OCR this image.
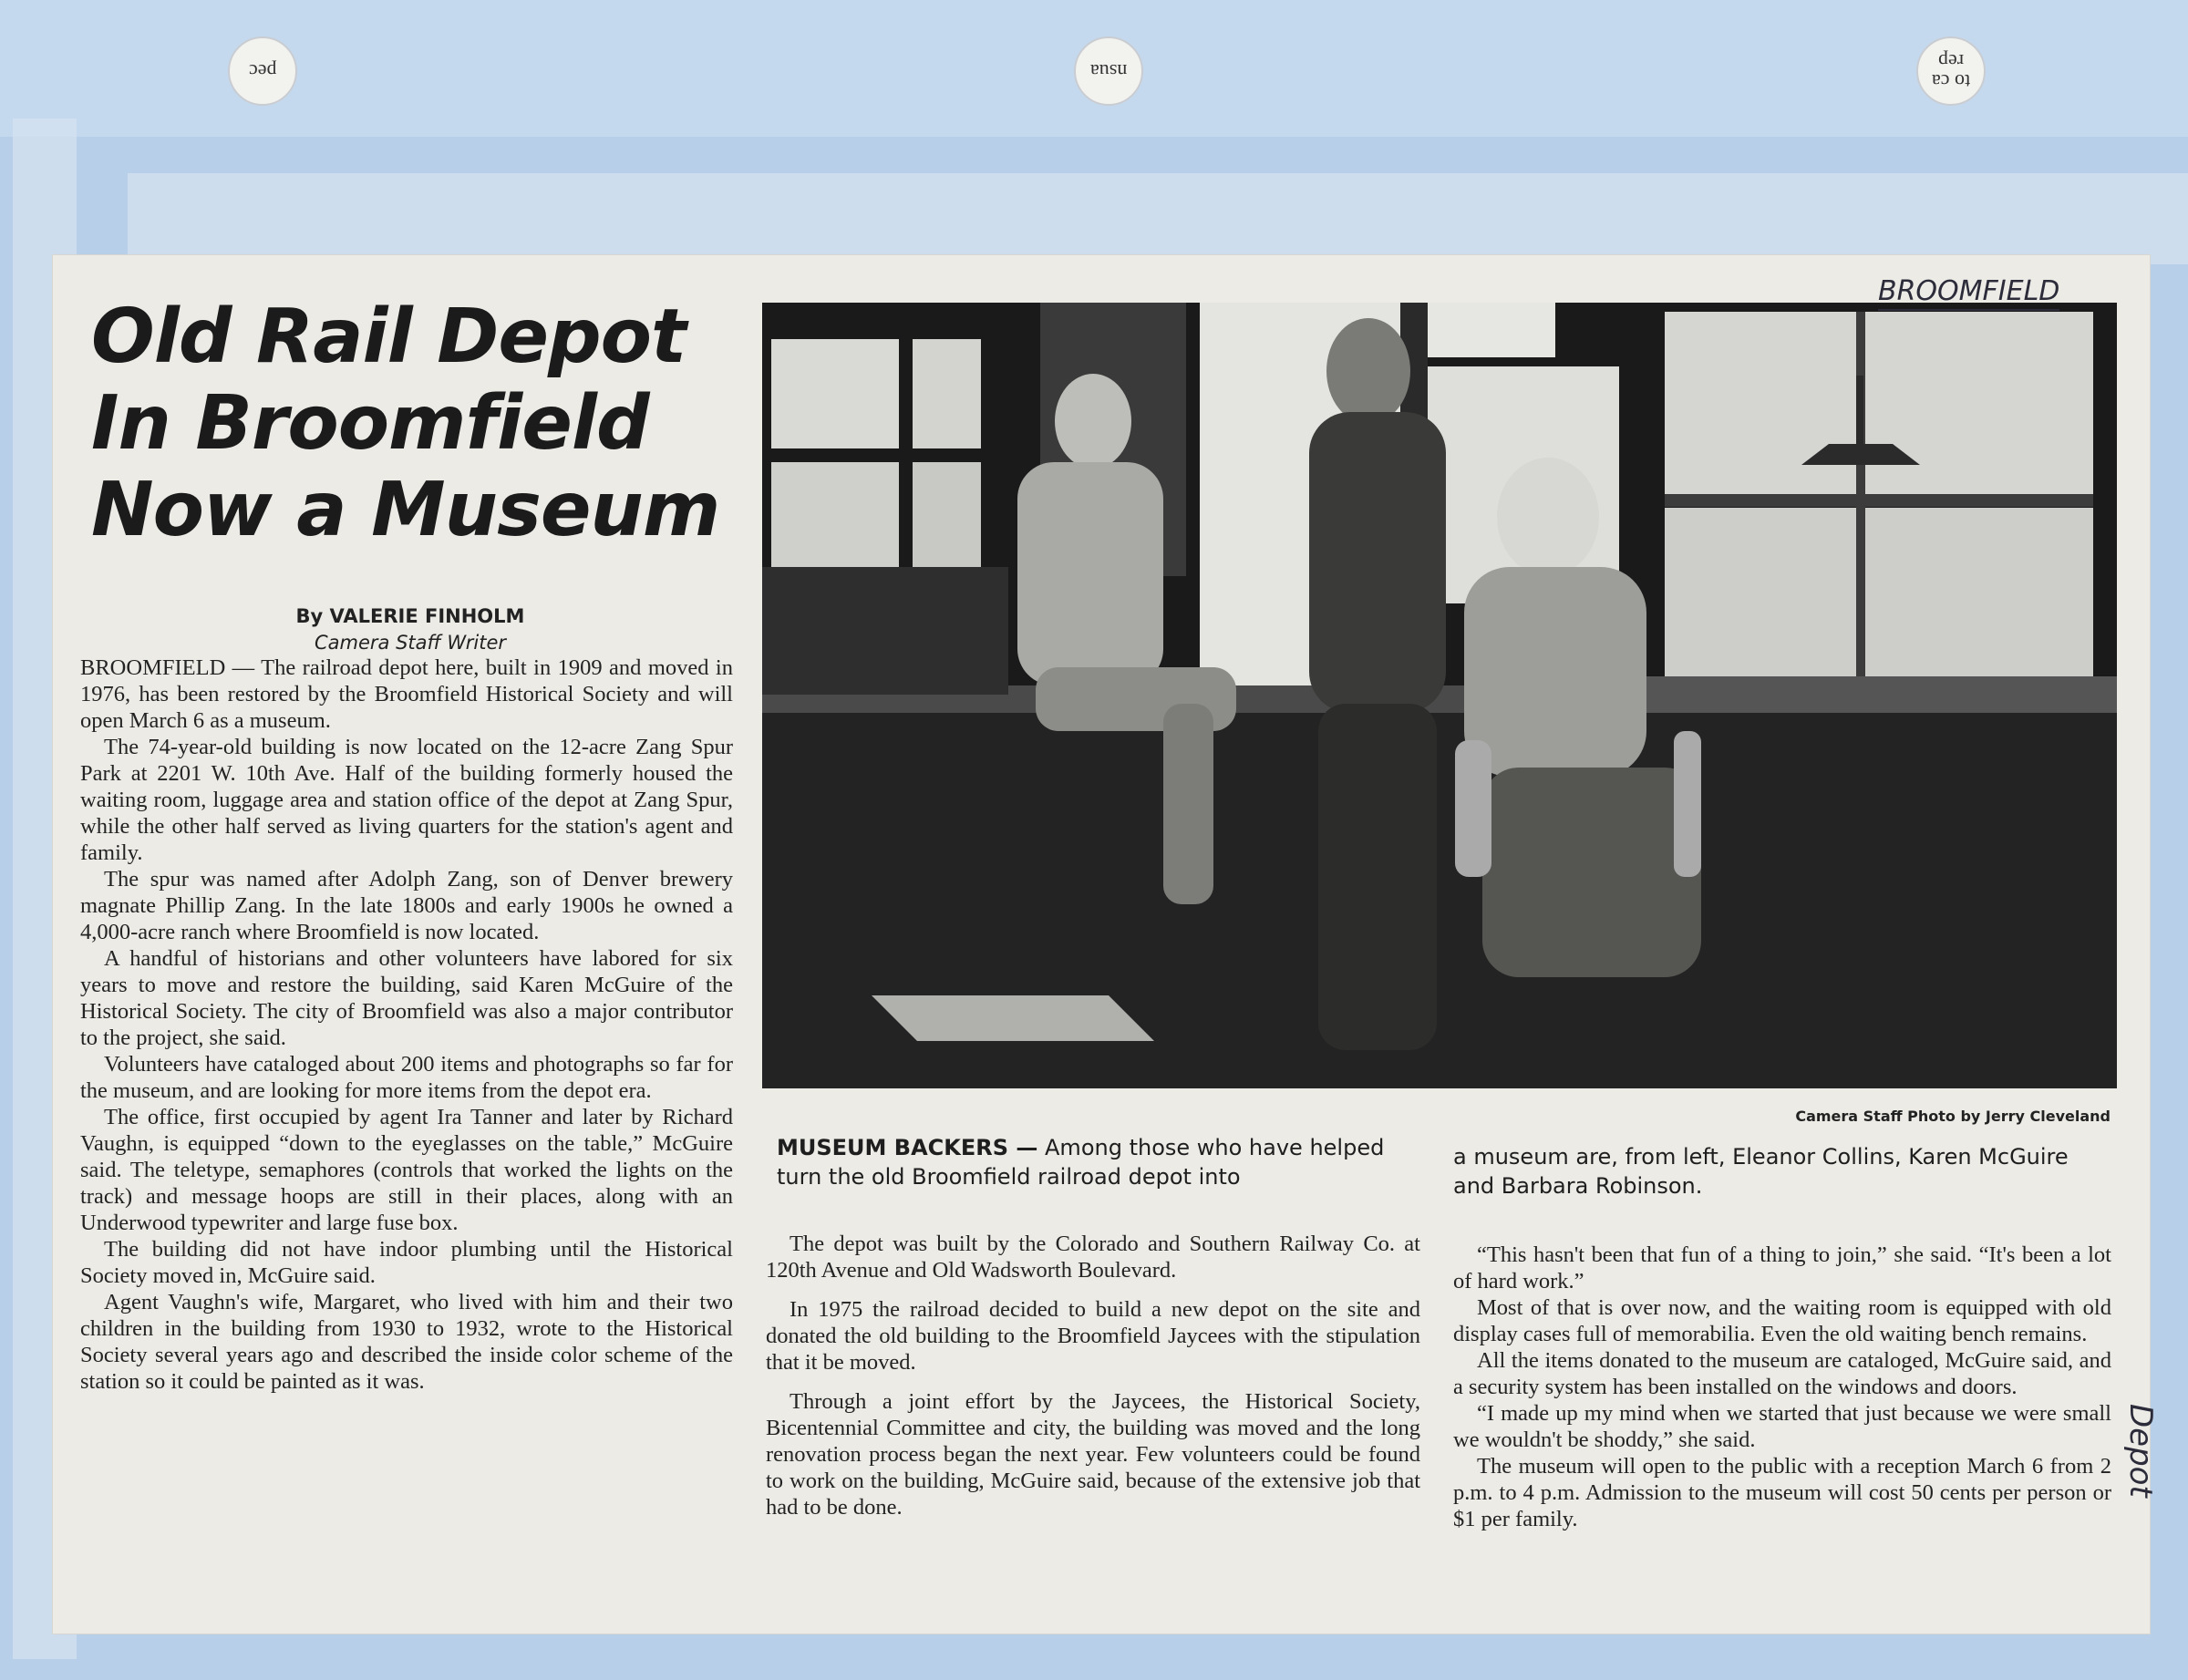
pec	nsua	to ca
rep
Old Rail Depot
In Broomfield
Now a Museum
By VALERIE FINHOLM
Camera Staff Writer

BROOMFIELD — The railroad depot here, built in 1909 and moved in 1976, has been restored by the Broomfield Historical Society and will open March 6 as a museum.

The 74-year-old building is now located on the 12-acre Zang Spur Park at 2201 W. 10th Ave. Half of the building formerly housed the waiting room, luggage area and station office of the depot at Zang Spur, while the other half served as living quarters for the station's agent and family.

The spur was named after Adolph Zang, son of Denver brewery magnate Phillip Zang. In the late 1800s and early 1900s he owned a 4,000-acre ranch where Broomfield is now located.

A handful of historians and other volunteers have labored for six years to move and restore the building, said Karen McGuire of the Historical Society. The city of Broomfield was also a major contributor to the project, she said.

Volunteers have cataloged about 200 items and photographs so far for the museum, and are looking for more items from the depot era.

The office, first occupied by agent Ira Tanner and later by Richard Vaughn, is equipped “down to the eyeglasses on the table,” McGuire said. The teletype, semaphores (controls that worked the lights on the track) and message hoops are still in their places, along with an Underwood typewriter and large fuse box.

The building did not have indoor plumbing until the Historical Society moved in, McGuire said.

Agent Vaughn's wife, Margaret, who lived with him and their two children in the building from 1930 to 1932, wrote to the Historical Society several years ago and described the inside color scheme of the station so it could be painted as it was.

BROOMFIELD
Depot
Camera Staff Photo by Jerry Cleveland
MUSEUM BACKERS — Among those who have helped turn the old Broomfield railroad depot into
a museum are, from left, Eleanor Collins, Karen McGuire and Barbara Robinson.

The depot was built by the Colorado and Southern Railway Co. at 120th Avenue and Old Wadsworth Boulevard.

In 1975 the railroad decided to build a new depot on the site and donated the old building to the Broomfield Jaycees with the stipulation that it be moved.

Through a joint effort by the Jaycees, the Historical Society, Bicentennial Committee and city, the building was moved and the long renovation process began the next year. Few volunteers could be found to work on the building, McGuire said, because of the extensive job that had to be done.

“This hasn't been that fun of a thing to join,” she said. “It's been a lot of hard work.”

Most of that is over now, and the waiting room is equipped with old display cases full of memorabilia. Even the old waiting bench remains.

All the items donated to the museum are cataloged, McGuire said, and a security system has been installed on the windows and doors.

“I made up my mind when we started that just because we were small we wouldn't be shoddy,” she said.

The museum will open to the public with a reception March 6 from 2 p.m. to 4 p.m. Admission to the museum will cost 50 cents per person or $1 per family.
